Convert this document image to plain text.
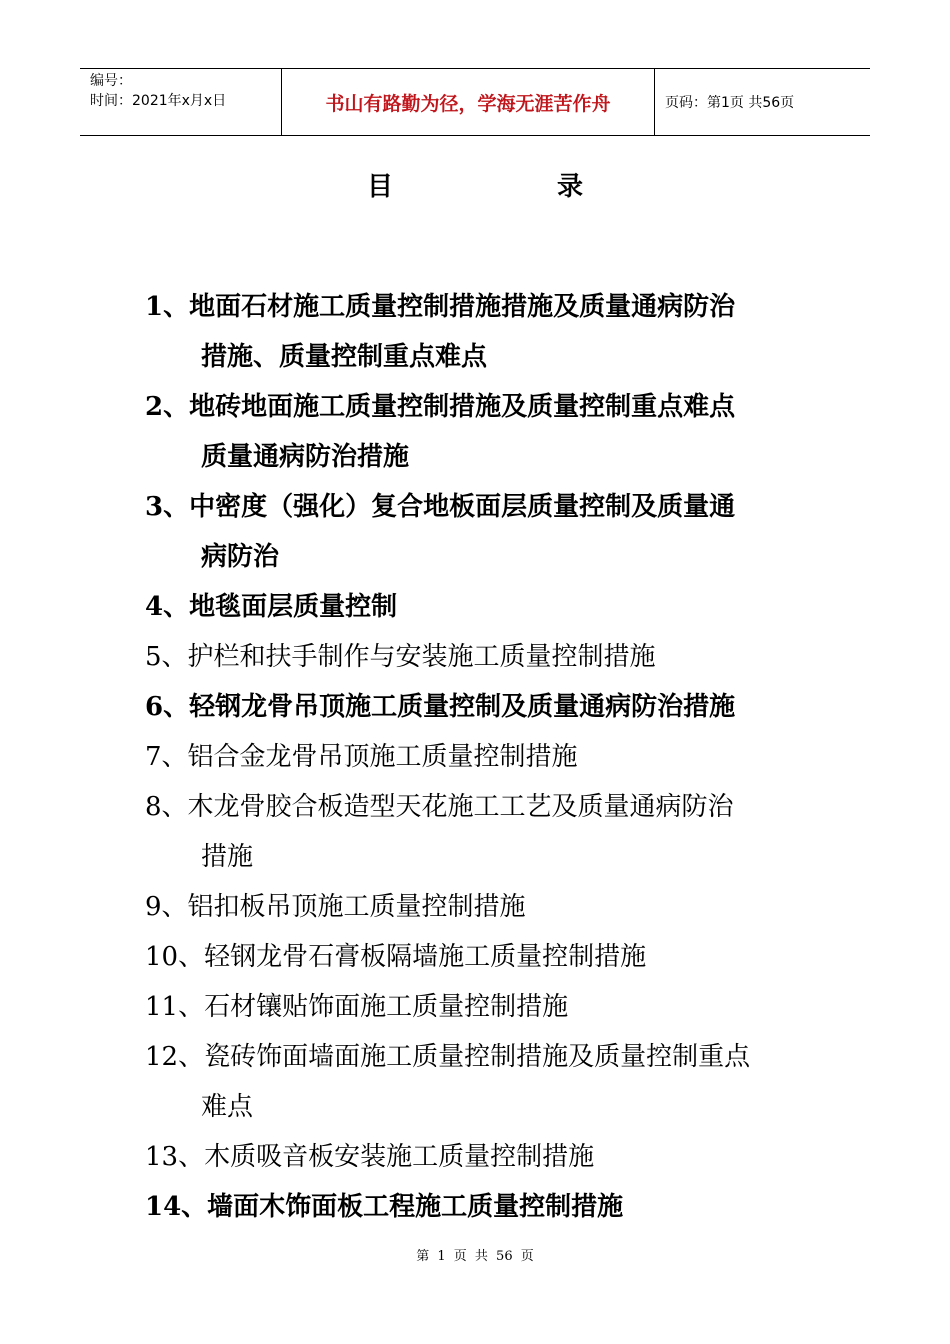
编号：
时间：2021年x月x日	书山有路勤为径，学海无涯苦作舟	页码：第1页 共56页
目	录
1、地面石材施工质量控制措施措施及质量通病防治
措施、质量控制重点难点
2、地砖地面施工质量控制措施及质量控制重点难点
质量通病防治措施
3、中密度（强化）复合地板面层质量控制及质量通
病防治
4、地毯面层质量控制
5、护栏和扶手制作与安装施工质量控制措施
6、轻钢龙骨吊顶施工质量控制及质量通病防治措施
7、铝合金龙骨吊顶施工质量控制措施
8、木龙骨胶合板造型天花施工工艺及质量通病防治
措施
9、铝扣板吊顶施工质量控制措施
10、轻钢龙骨石膏板隔墙施工质量控制措施
11、石材镶贴饰面施工质量控制措施
12、瓷砖饰面墙面施工质量控制措施及质量控制重点
难点
13、木质吸音板安装施工质量控制措施
14、墙面木饰面板工程施工质量控制措施
第 1 页 共 56 页
